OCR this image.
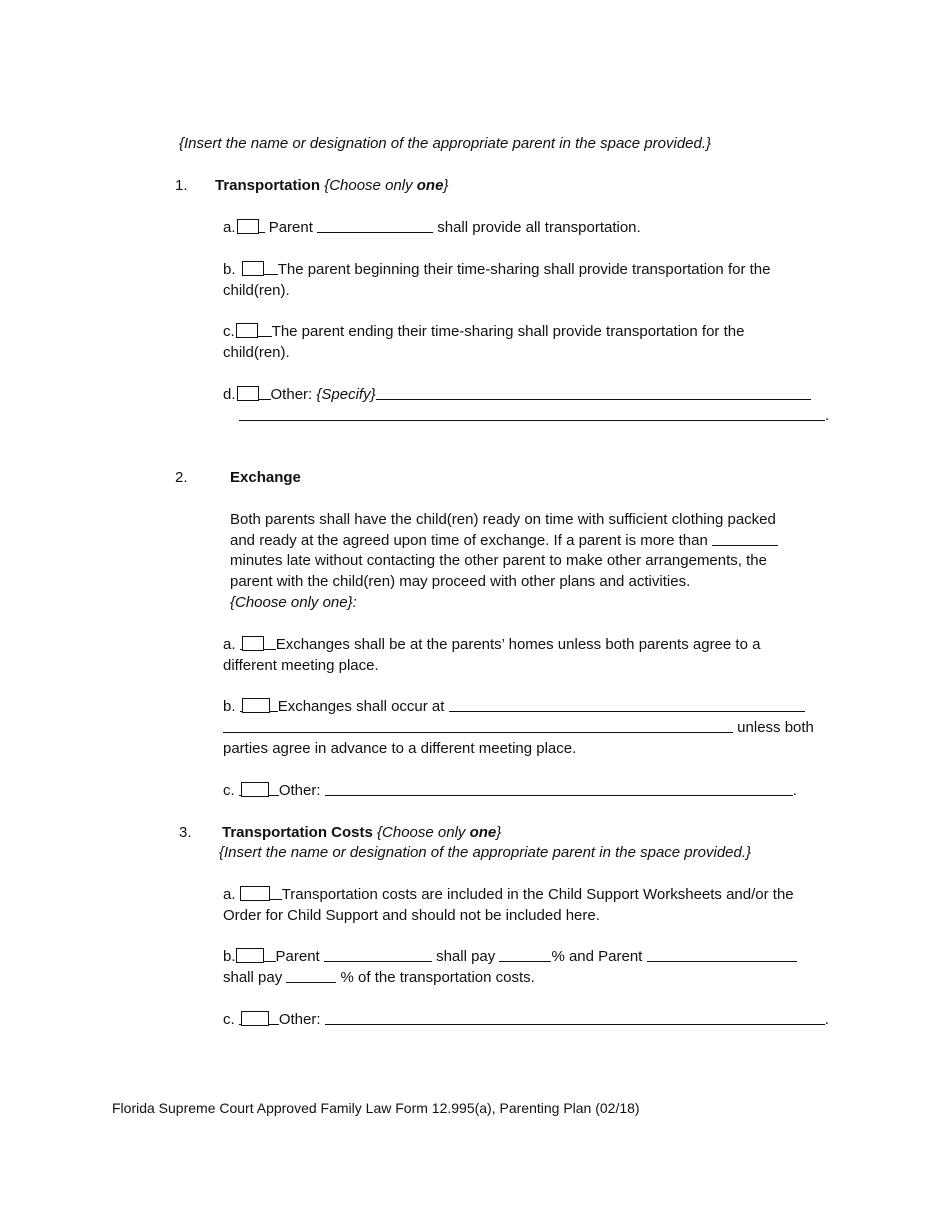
{Insert the name or designation of the appropriate parent in the space provided.}
1. Transportation {Choose only one}
a. Parent	shall provide all transportation.
b.	The parent beginning their time-sharing shall provide transportation for the
child(ren).
c. The parent ending their time-sharing shall provide transportation for the
child(ren).
d. Other: {Specify}
.
2.	Exchange
Both parents shall have the child(ren) ready on time with sufficient clothing packed
and ready at the agreed upon time of exchange. If a parent is more than
minutes late without contacting the other parent to make other arrangements, the
parent with the child(ren) may proceed with other plans and activities.
{Choose only one}:
a.	Exchanges shall be at the parents’ homes unless both parents agree to a
different meeting place.
b.	Exchanges shall occur at
unless both
parties agree in advance to a different meeting place.
c.	Other:	.
3. Transportation Costs {Choose only one}
{Insert the name or designation of the appropriate parent in the space provided.}
a.	Transportation costs are included in the Child Support Worksheets and/or the
Order for Child Support and should not be included here.
b.	Parent	shall pay	% and Parent
shall pay	% of the transportation costs.
c.	Other:	.
Florida Supreme Court Approved Family Law Form 12.995(a), Parenting Plan (02/18)
